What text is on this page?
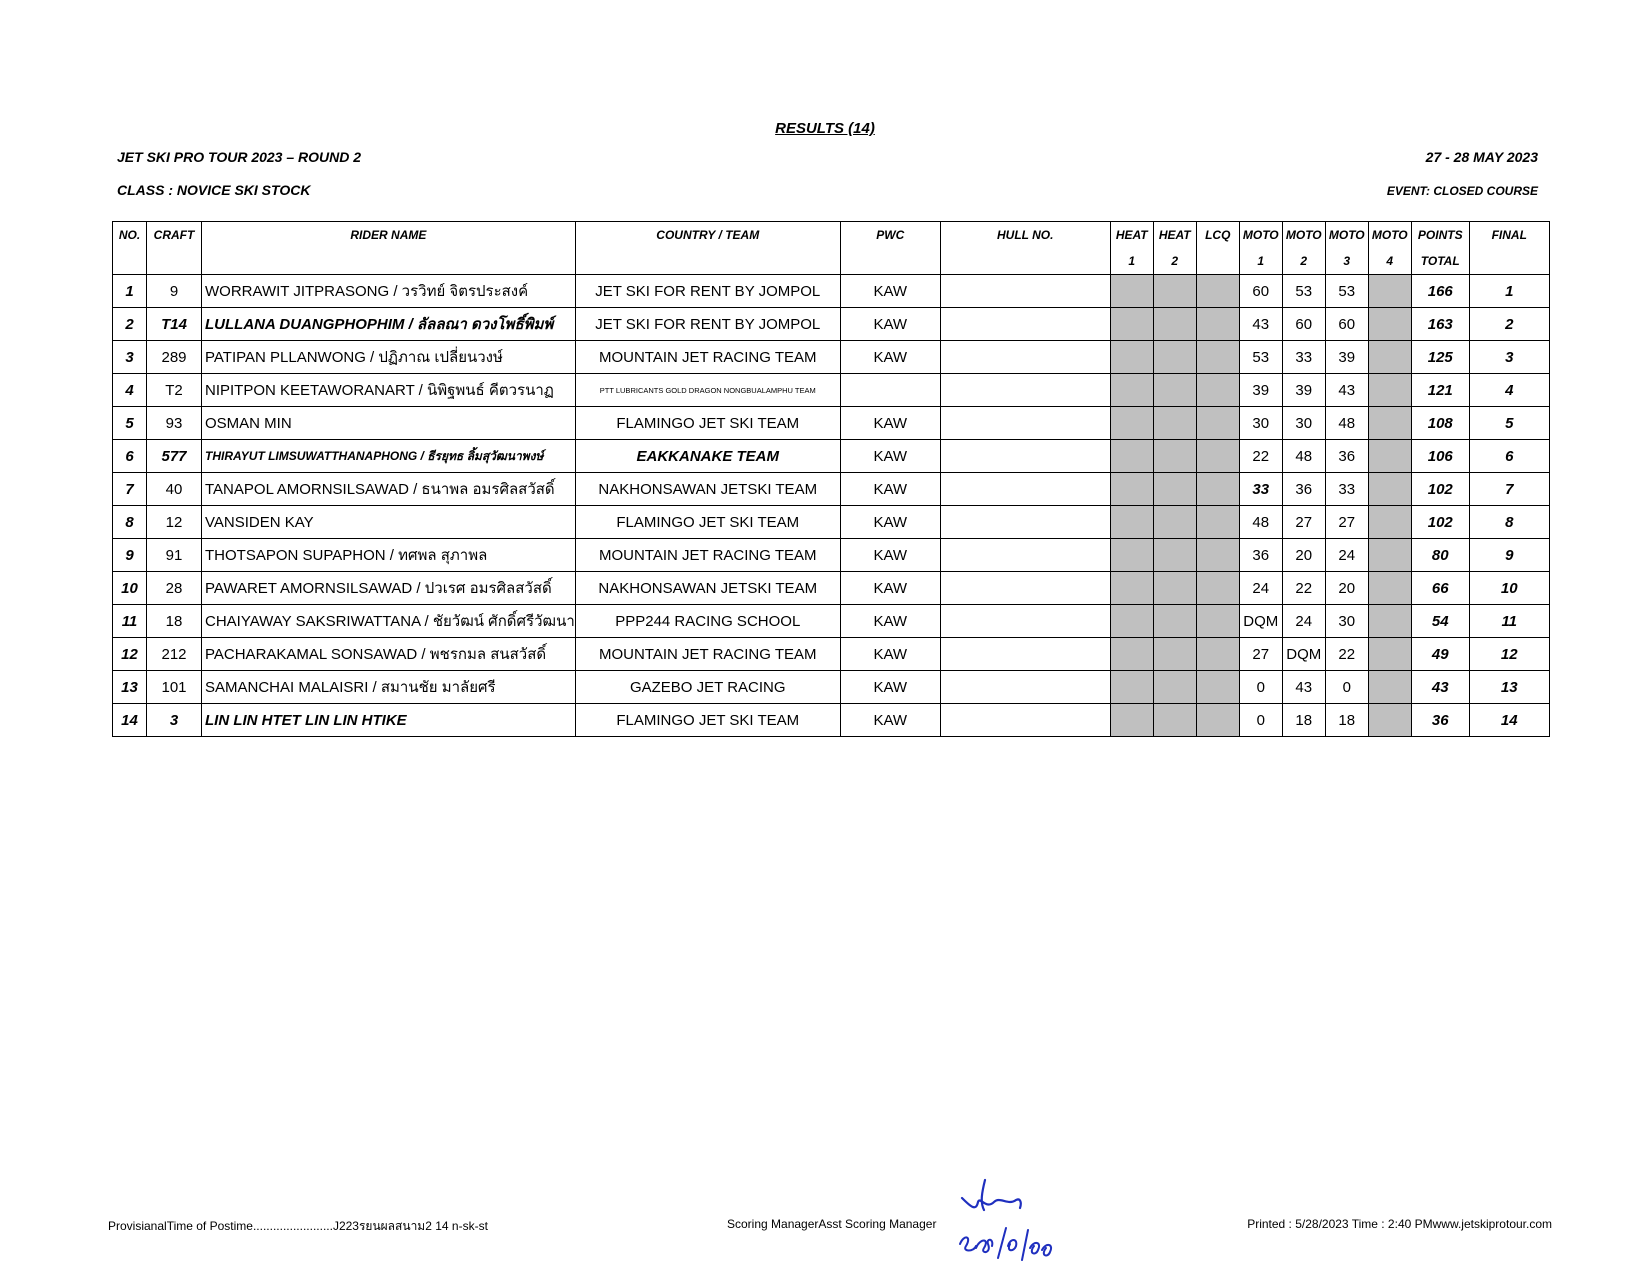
RESULTS (14)
JET SKI PRO TOUR 2023 – ROUND 2	27 - 28 MAY 2023
CLASS : NOVICE SKI STOCK	EVENT: CLOSED COURSE
NO.	CRAFT	RIDER NAME	COUNTRY / TEAM	PWC	HULL NO.	HEAT	HEAT	LCQ	MOTO	MOTO	MOTO	MOTO	POINTS	FINAL
						1	2		1	2	3	4	TOTAL	
1	9	WORRAWIT JITPRASONG / วรวิทย์ จิตรประสงค์	JET SKI FOR RENT BY JOMPOL	KAW					60	53	53		166	1
2	T14	LULLANA DUANGPHOPHIM / ลัลลณา ดวงโพธิ์พิมพ์	JET SKI FOR RENT BY JOMPOL	KAW					43	60	60		163	2
3	289	PATIPAN PLLANWONG / ปฏิภาณ เปลี่ยนวงษ์	MOUNTAIN JET RACING TEAM	KAW					53	33	39		125	3
4	T2	NIPITPON KEETAWORANART / นิพิฐพนธ์ คีตวรนาฏ	PTT LUBRICANTS GOLD DRAGON NONGBUALAMPHU TEAM						39	39	43		121	4
5	93	OSMAN MIN	FLAMINGO JET SKI TEAM	KAW					30	30	48		108	5
6	577	THIRAYUT LIMSUWATTHANAPHONG / ธีรยุทธ ลิ้มสุวัฒนาพงษ์	EAKKANAKE TEAM	KAW					22	48	36		106	6
7	40	TANAPOL AMORNSILSAWAD / ธนาพล อมรศิลสวัสดิ์	NAKHONSAWAN JETSKI TEAM	KAW					33	36	33		102	7
8	12	VANSIDEN KAY	FLAMINGO JET SKI TEAM	KAW					48	27	27		102	8
9	91	THOTSAPON SUPAPHON / ทศพล สุภาพล	MOUNTAIN JET RACING TEAM	KAW					36	20	24		80	9
10	28	PAWARET AMORNSILSAWAD / ปวเรศ อมรศิลสวัสดิ์	NAKHONSAWAN JETSKI TEAM	KAW					24	22	20		66	10
11	18	CHAIYAWAY SAKSRIWATTANA / ชัยวัฒน์ ศักดิ์ศรีวัฒนา	PPP244 RACING SCHOOL	KAW					DQM	24	30		54	11
12	212	PACHARAKAMAL SONSAWAD / พชรกมล สนสวัสดิ์	MOUNTAIN JET RACING TEAM	KAW					27	DQM	22		49	12
13	101	SAMANCHAI MALAISRI / สมานชัย มาลัยศรี	GAZEBO JET RACING	KAW					0	43	0		43	13
14	3	LIN LIN HTET LIN LIN HTIKE	FLAMINGO JET SKI TEAM	KAW					0	18	18		36	14
ProvisianalTime of Postime........................J223รยนผลสนาม2 14 n-sk-st	Scoring ManagerAsst Scoring Manager	Printed : 5/28/2023 Time : 2:40 PMwww.jetskiprotour.com
